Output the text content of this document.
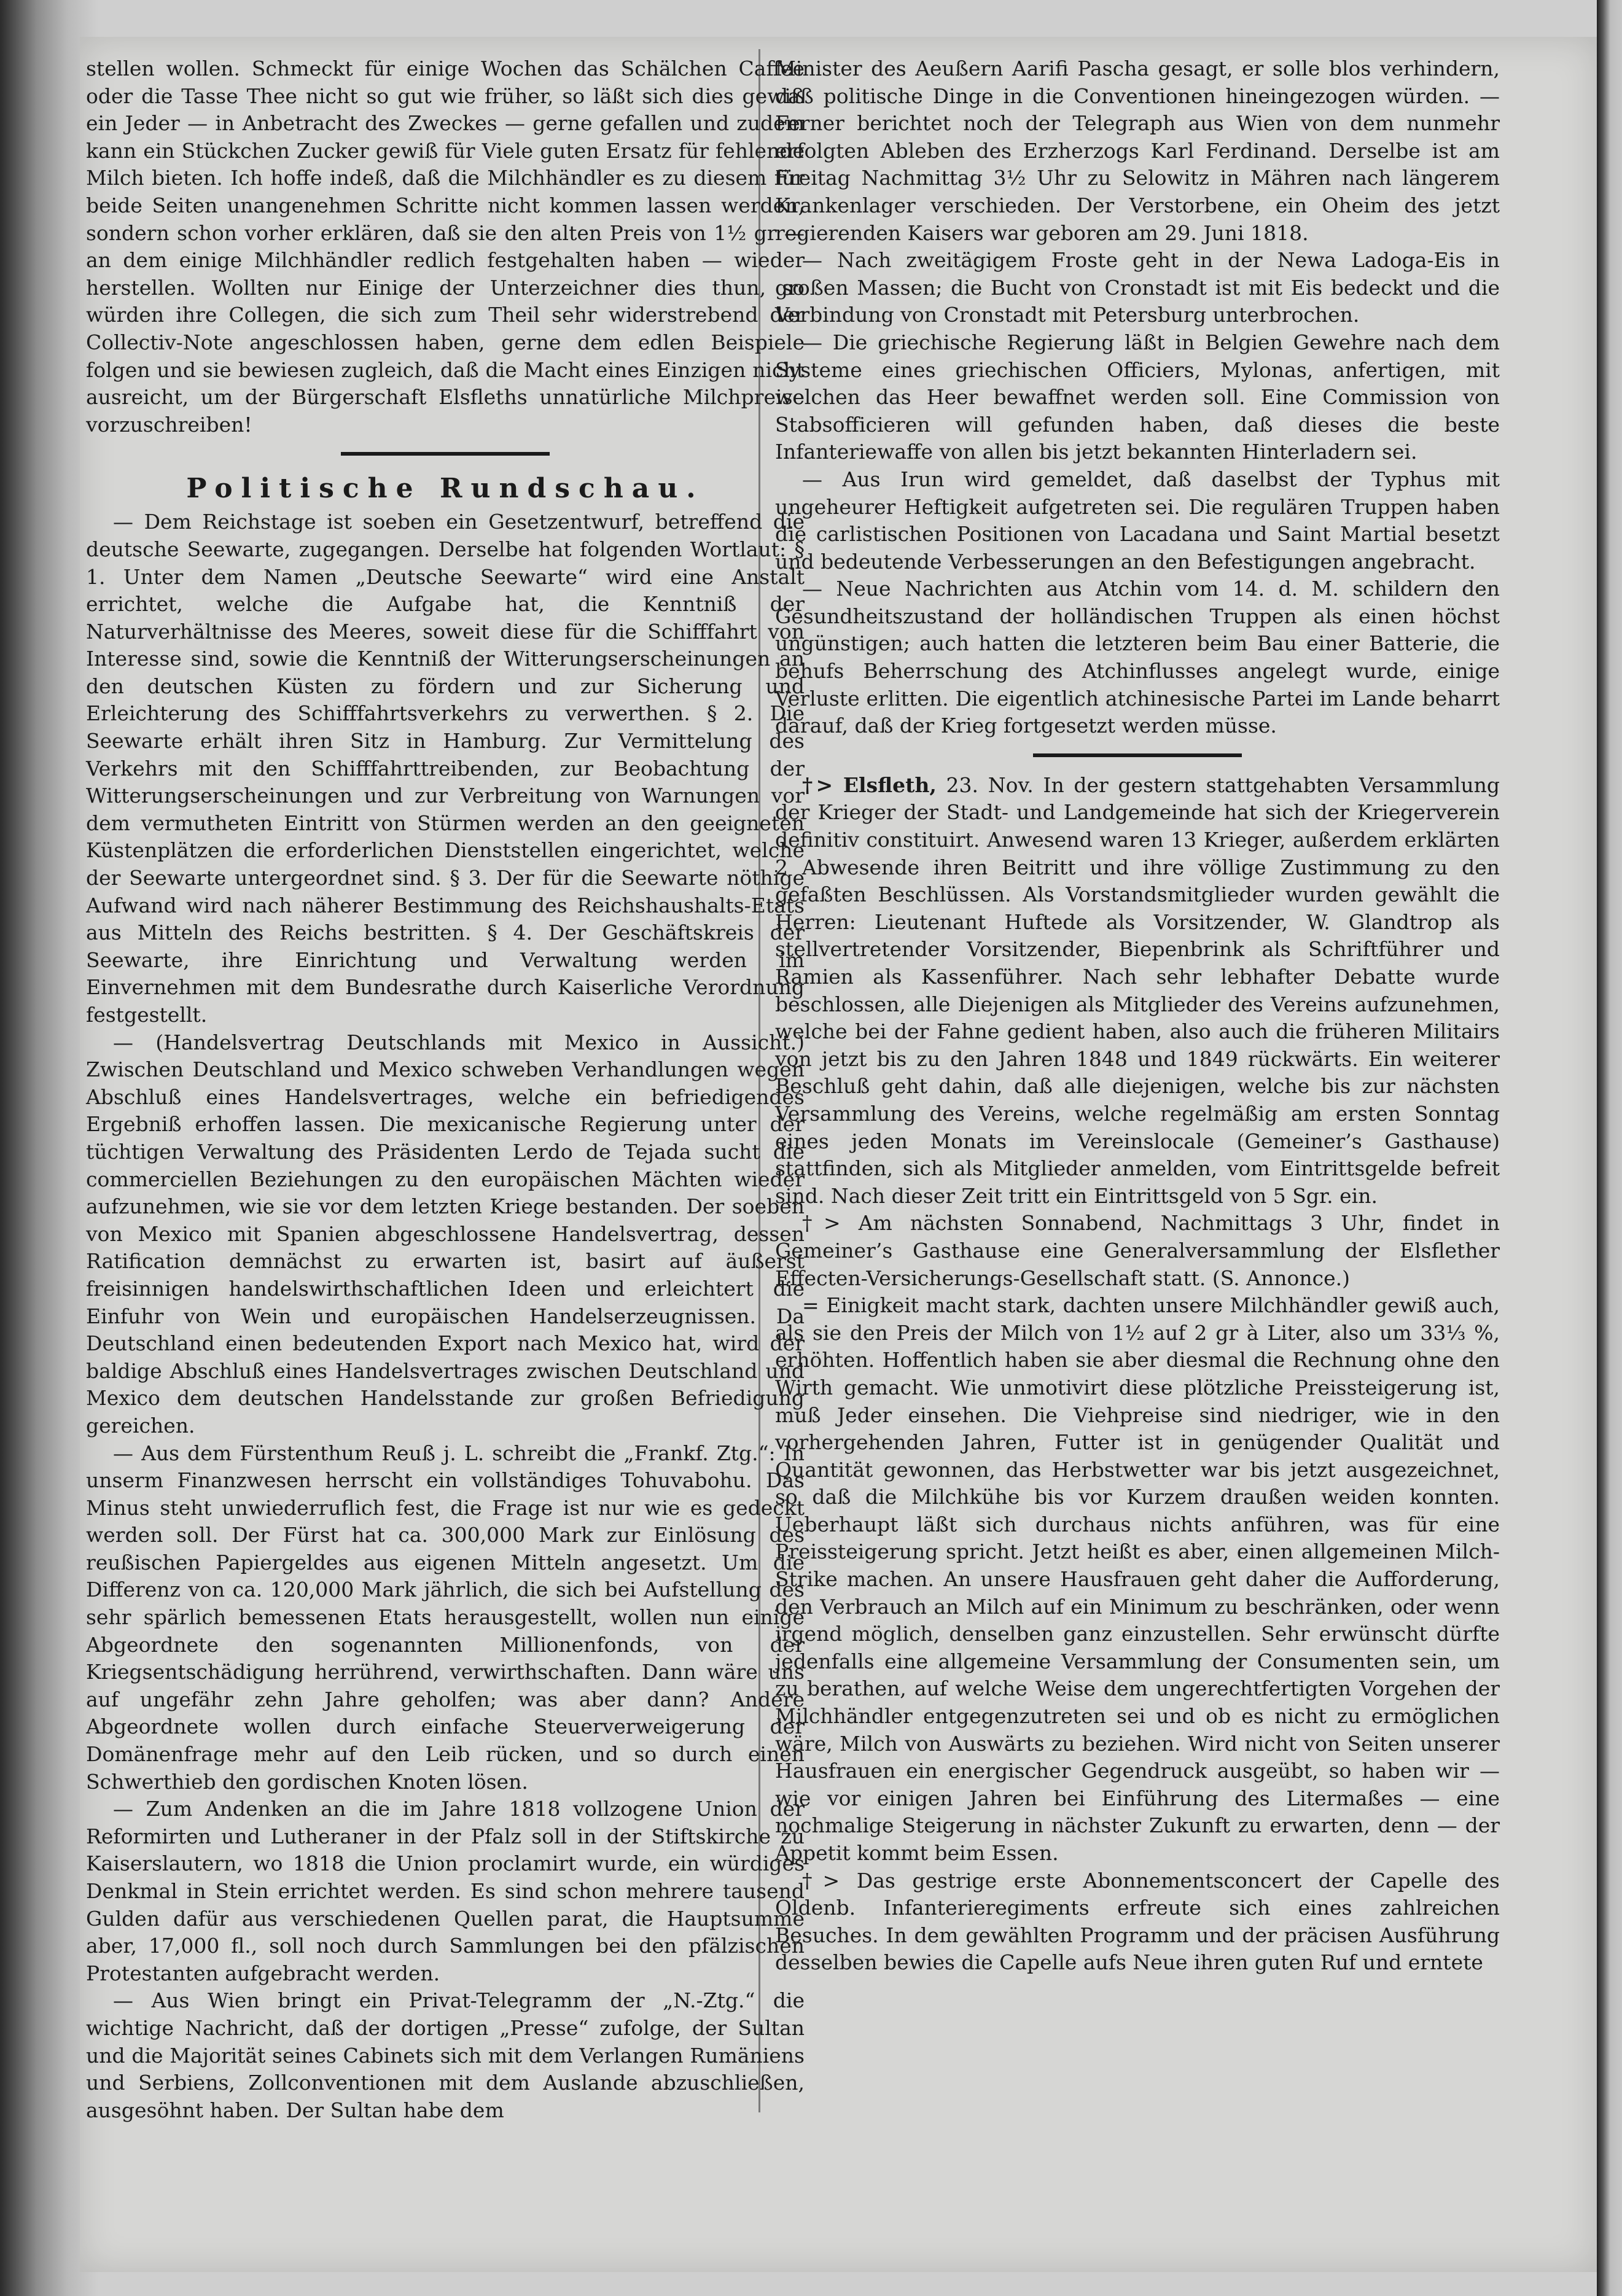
stellen wollen. Schmeckt für einige Wochen das Schälchen Caffee oder die Tasse Thee nicht so gut wie früher, so läßt sich dies gewiß ein Jeder — in Anbetracht des Zweckes — gerne gefallen und zudem kann ein Stückchen Zucker gewiß für Viele guten Ersatz für fehlende Milch bieten. Ich hoffe indeß, daß die Milchhändler es zu diesem für beide Seiten unangenehmen Schritte nicht kommen lassen werden, sondern schon vorher erklären, daß sie den alten Preis von 1½ gr — an dem einige Milchhändler redlich festgehalten haben — wieder herstellen. Wollten nur Einige der Unterzeichner dies thun, so würden ihre Collegen, die sich zum Theil sehr widerstrebend der Collectiv-Note angeschlossen haben, gerne dem edlen Beispiele folgen und sie bewiesen zugleich, daß die Macht eines Einzigen nicht ausreicht, um der Bürgerschaft Elsfleths unnatürliche Milchpreise vorzuschreiben!

Politische Rundschau.

— Dem Reichstage ist soeben ein Gesetzentwurf, betreffend die deutsche Seewarte, zugegangen. Derselbe hat folgenden Wortlaut: § 1. Unter dem Namen „Deutsche Seewarte“ wird eine Anstalt errichtet, welche die Aufgabe hat, die Kenntniß der Naturverhältnisse des Meeres, soweit diese für die Schifffahrt von Interesse sind, sowie die Kenntniß der Witterungserscheinungen an den deutschen Küsten zu fördern und zur Sicherung und Erleichterung des Schifffahrtsverkehrs zu verwerthen. § 2. Die Seewarte erhält ihren Sitz in Hamburg. Zur Vermittelung des Verkehrs mit den Schifffahrttreibenden, zur Beobachtung der Witterungserscheinungen und zur Verbreitung von Warnungen vor dem vermutheten Eintritt von Stürmen werden an den geeigneten Küstenplätzen die erforderlichen Dienststellen eingerichtet, welche der Seewarte untergeordnet sind. § 3. Der für die Seewarte nöthige Aufwand wird nach näherer Bestimmung des Reichshaushalts-Etats aus Mitteln des Reichs bestritten. § 4. Der Geschäftskreis der Seewarte, ihre Einrichtung und Verwaltung werden im Einvernehmen mit dem Bundesrathe durch Kaiserliche Verordnung festgestellt.

— (Handelsvertrag Deutschlands mit Mexico in Aussicht.) Zwischen Deutschland und Mexico schweben Verhandlungen wegen Abschluß eines Handelsvertrages, welche ein befriedigendes Ergebniß erhoffen lassen. Die mexicanische Regierung unter der tüchtigen Verwaltung des Präsidenten Lerdo de Tejada sucht die commerciellen Beziehungen zu den europäischen Mächten wieder aufzunehmen, wie sie vor dem letzten Kriege bestanden. Der soeben von Mexico mit Spanien abgeschlossene Handelsvertrag, dessen Ratification demnächst zu erwarten ist, basirt auf äußerst freisinnigen handelswirthschaftlichen Ideen und erleichtert die Einfuhr von Wein und europäischen Handelserzeugnissen. Da Deutschland einen bedeutenden Export nach Mexico hat, wird der baldige Abschluß eines Handelsvertrages zwischen Deutschland und Mexico dem deutschen Handelsstande zur großen Befriedigung gereichen.

— Aus dem Fürstenthum Reuß j. L. schreibt die „Frankf. Ztg.“: In unserm Finanzwesen herrscht ein vollständiges Tohuvabohu. Das Minus steht unwiederruflich fest, die Frage ist nur wie es gedeckt werden soll. Der Fürst hat ca. 300,000 Mark zur Einlösung des reußischen Papiergeldes aus eigenen Mitteln angesetzt. Um die Differenz von ca. 120,000 Mark jährlich, die sich bei Aufstellung des sehr spärlich bemessenen Etats herausgestellt, wollen nun einige Abgeordnete den sogenannten Millionenfonds, von der Kriegsentschädigung herrührend, verwirthschaften. Dann wäre uns auf ungefähr zehn Jahre geholfen; was aber dann? Andere Abgeordnete wollen durch einfache Steuerverweigerung der Domänenfrage mehr auf den Leib rücken, und so durch einen Schwerthieb den gordischen Knoten lösen.

— Zum Andenken an die im Jahre 1818 vollzogene Union der Reformirten und Lutheraner in der Pfalz soll in der Stiftskirche zu Kaiserslautern, wo 1818 die Union proclamirt wurde, ein würdiges Denkmal in Stein errichtet werden. Es sind schon mehrere tausend Gulden dafür aus verschiedenen Quellen parat, die Hauptsumme aber, 17,000 fl., soll noch durch Sammlungen bei den pfälzischen Protestanten aufgebracht werden.

— Aus Wien bringt ein Privat-Telegramm der „N.-Ztg.“ die wichtige Nachricht, daß der dortigen „Presse“ zufolge, der Sultan und die Majorität seines Cabinets sich mit dem Verlangen Rumäniens und Serbiens, Zollconventionen mit dem Auslande abzuschließen, ausgesöhnt haben. Der Sultan habe dem

Minister des Aeußern Aarifi Pascha gesagt, er solle blos verhindern, daß politische Dinge in die Conventionen hineingezogen würden. — Ferner berichtet noch der Telegraph aus Wien von dem nunmehr erfolgten Ableben des Erzherzogs Karl Ferdinand. Derselbe ist am Freitag Nachmittag 3½ Uhr zu Selowitz in Mähren nach längerem Krankenlager verschieden. Der Verstorbene, ein Oheim des jetzt regierenden Kaisers war geboren am 29. Juni 1818.

— Nach zweitägigem Froste geht in der Newa Ladoga-Eis in großen Massen; die Bucht von Cronstadt ist mit Eis bedeckt und die Verbindung von Cronstadt mit Petersburg unterbrochen.

— Die griechische Regierung läßt in Belgien Gewehre nach dem Systeme eines griechischen Officiers, Mylonas, anfertigen, mit welchen das Heer bewaffnet werden soll. Eine Commission von Stabsofficieren will gefunden haben, daß dieses die beste Infanteriewaffe von allen bis jetzt bekannten Hinterladern sei.

— Aus Irun wird gemeldet, daß daselbst der Typhus mit ungeheurer Heftigkeit aufgetreten sei. Die regulären Truppen haben die carlistischen Positionen von Lacadana und Saint Martial besetzt und bedeutende Verbesserungen an den Befestigungen angebracht.

— Neue Nachrichten aus Atchin vom 14. d. M. schildern den Gesundheitszustand der holländischen Truppen als einen höchst ungünstigen; auch hatten die letzteren beim Bau einer Batterie, die behufs Beherrschung des Atchinflusses angelegt wurde, einige Verluste erlitten. Die eigentlich atchinesische Partei im Lande beharrt darauf, daß der Krieg fortgesetzt werden müsse.

†> Elsfleth, 23. Nov. In der gestern stattgehabten Versammlung der Krieger der Stadt- und Landgemeinde hat sich der Kriegerverein definitiv constituirt. Anwesend waren 13 Krieger, außerdem erklärten 2 Abwesende ihren Beitritt und ihre völlige Zustimmung zu den gefaßten Beschlüssen. Als Vorstandsmitglieder wurden gewählt die Herren: Lieutenant Huftede als Vorsitzender, W. Glandtrop als stellvertretender Vorsitzender, Biepenbrink als Schriftführer und Ramien als Kassenführer. Nach sehr lebhafter Debatte wurde beschlossen, alle Diejenigen als Mitglieder des Vereins aufzunehmen, welche bei der Fahne gedient haben, also auch die früheren Militairs von jetzt bis zu den Jahren 1848 und 1849 rückwärts. Ein weiterer Beschluß geht dahin, daß alle diejenigen, welche bis zur nächsten Versammlung des Vereins, welche regelmäßig am ersten Sonntag eines jeden Monats im Vereinslocale (Gemeiner’s Gasthause) stattfinden, sich als Mitglieder anmelden, vom Eintrittsgelde befreit sind. Nach dieser Zeit tritt ein Eintrittsgeld von 5 Sgr. ein.

†> Am nächsten Sonnabend, Nachmittags 3 Uhr, findet in Gemeiner’s Gasthause eine Generalversammlung der Elsflether Effecten-Versicherungs-Gesellschaft statt. (S. Annonce.)

= Einigkeit macht stark, dachten unsere Milchhändler gewiß auch, als sie den Preis der Milch von 1½ auf 2 gr à Liter, also um 33⅓ %, erhöhten. Hoffentlich haben sie aber diesmal die Rechnung ohne den Wirth gemacht. Wie unmotivirt diese plötzliche Preissteigerung ist, muß Jeder einsehen. Die Viehpreise sind niedriger, wie in den vorhergehenden Jahren, Futter ist in genügender Qualität und Quantität gewonnen, das Herbstwetter war bis jetzt ausgezeichnet, so daß die Milchkühe bis vor Kurzem draußen weiden konnten. Ueberhaupt läßt sich durchaus nichts anführen, was für eine Preissteigerung spricht. Jetzt heißt es aber, einen allgemeinen Milch-Strike machen. An unsere Hausfrauen geht daher die Aufforderung, den Verbrauch an Milch auf ein Minimum zu beschränken, oder wenn irgend möglich, denselben ganz einzustellen. Sehr erwünscht dürfte jedenfalls eine allgemeine Versammlung der Consumenten sein, um zu berathen, auf welche Weise dem ungerechtfertigten Vorgehen der Milchhändler entgegenzutreten sei und ob es nicht zu ermöglichen wäre, Milch von Auswärts zu beziehen. Wird nicht von Seiten unserer Hausfrauen ein energischer Gegendruck ausgeübt, so haben wir — wie vor einigen Jahren bei Einführung des Litermaßes — eine nochmalige Steigerung in nächster Zukunft zu erwarten, denn — der Appetit kommt beim Essen.

†> Das gestrige erste Abonnementsconcert der Capelle des Oldenb. Infanterieregiments erfreute sich eines zahlreichen Besuches. In dem gewählten Programm und der präcisen Ausführung desselben bewies die Capelle aufs Neue ihren guten Ruf und erntete
